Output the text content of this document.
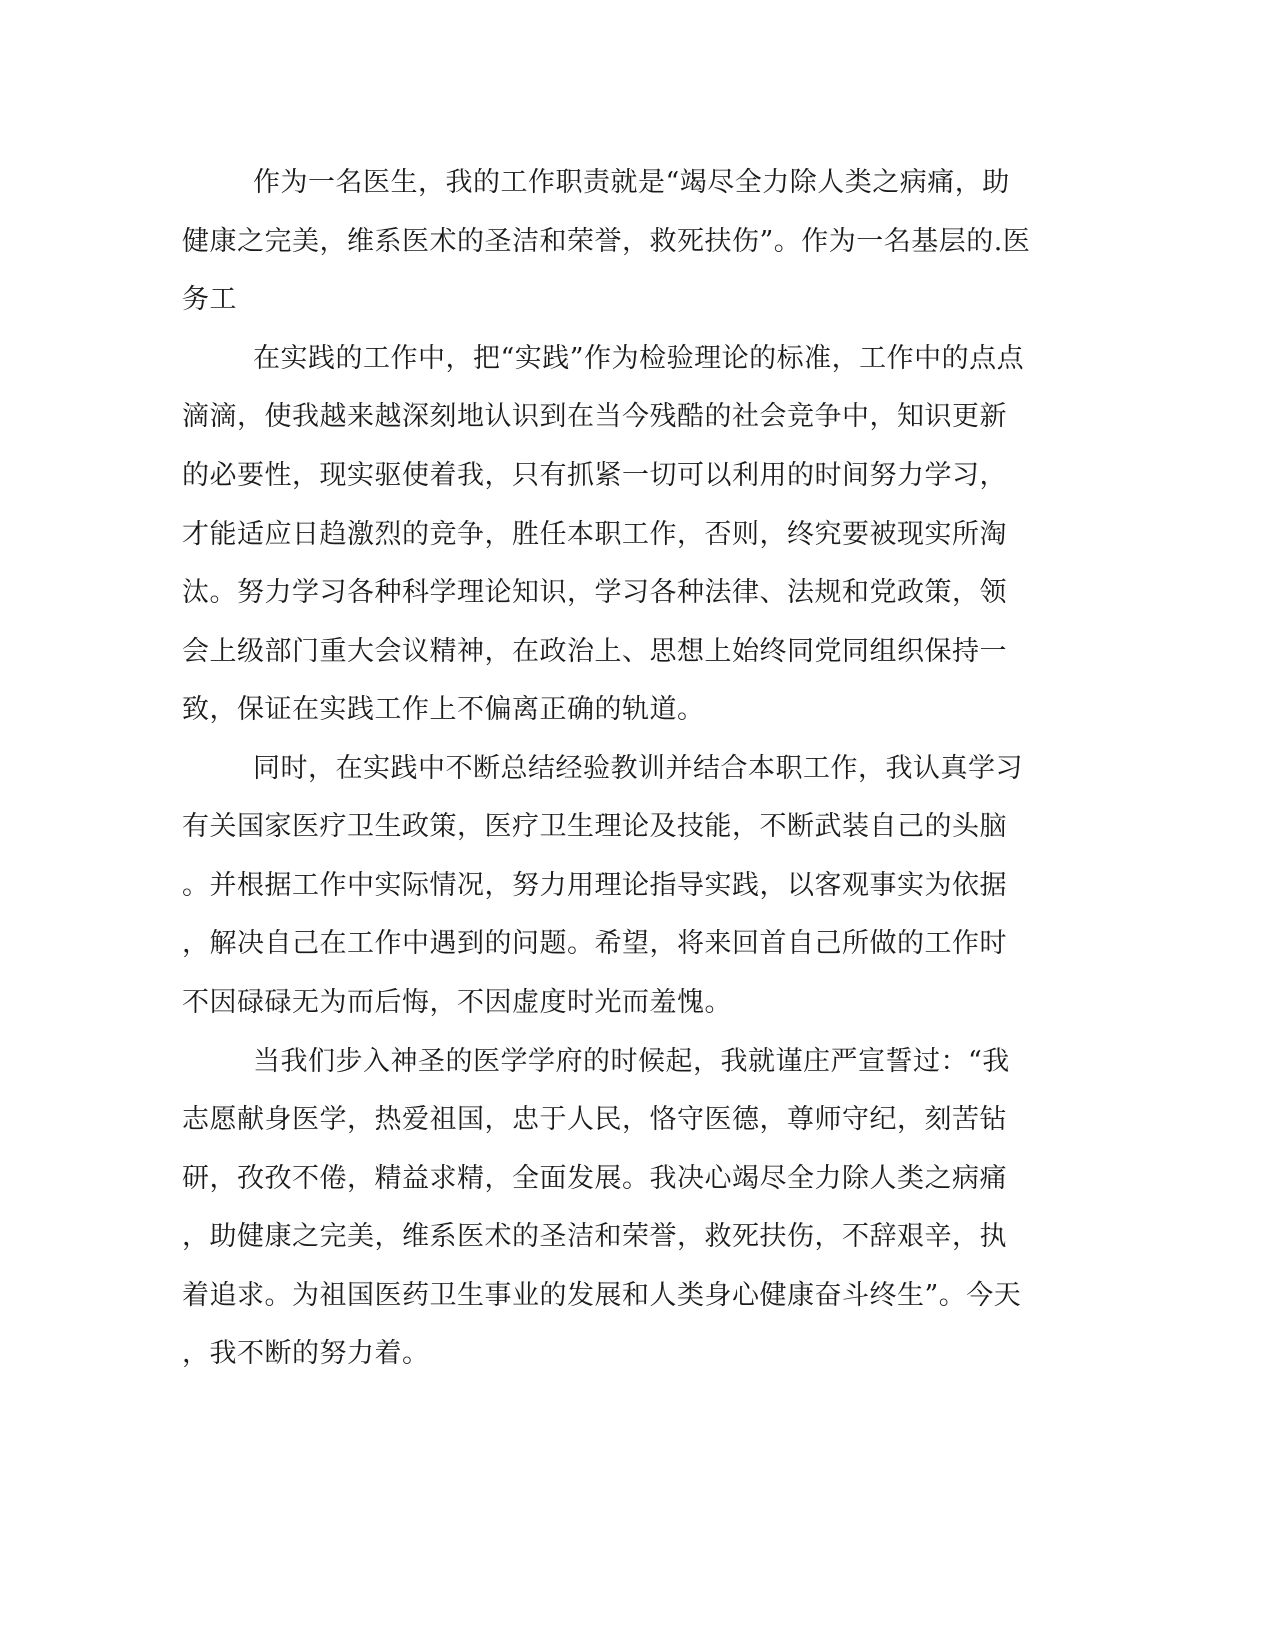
作为一名医生，我的工作职责就是“竭尽全力除人类之病痛，助
健康之完美，维系医术的圣洁和荣誉，救死扶伤”。作为一名基层的.医
务工
在实践的工作中，把“实践”作为检验理论的标准，工作中的点点
滴滴，使我越来越深刻地认识到在当今残酷的社会竞争中，知识更新
的必要性，现实驱使着我，只有抓紧一切可以利用的时间努力学习，
才能适应日趋激烈的竞争，胜任本职工作，否则，终究要被现实所淘
汰。努力学习各种科学理论知识，学习各种法律、法规和党政策，领
会上级部门重大会议精神，在政治上、思想上始终同党同组织保持一
致，保证在实践工作上不偏离正确的轨道。
同时，在实践中不断总结经验教训并结合本职工作，我认真学习
有关国家医疗卫生政策，医疗卫生理论及技能，不断武装自己的头脑
。并根据工作中实际情况，努力用理论指导实践，以客观事实为依据
，解决自己在工作中遇到的问题。希望，将来回首自己所做的工作时
不因碌碌无为而后悔，不因虚度时光而羞愧。
当我们步入神圣的医学学府的时候起，我就谨庄严宣誓过：“我
志愿献身医学，热爱祖国，忠于人民，恪守医德，尊师守纪，刻苦钻
研，孜孜不倦，精益求精，全面发展。我决心竭尽全力除人类之病痛
，助健康之完美，维系医术的圣洁和荣誉，救死扶伤，不辞艰辛，执
着追求。为祖国医药卫生事业的发展和人类身心健康奋斗终生”。今天
，我不断的努力着。
